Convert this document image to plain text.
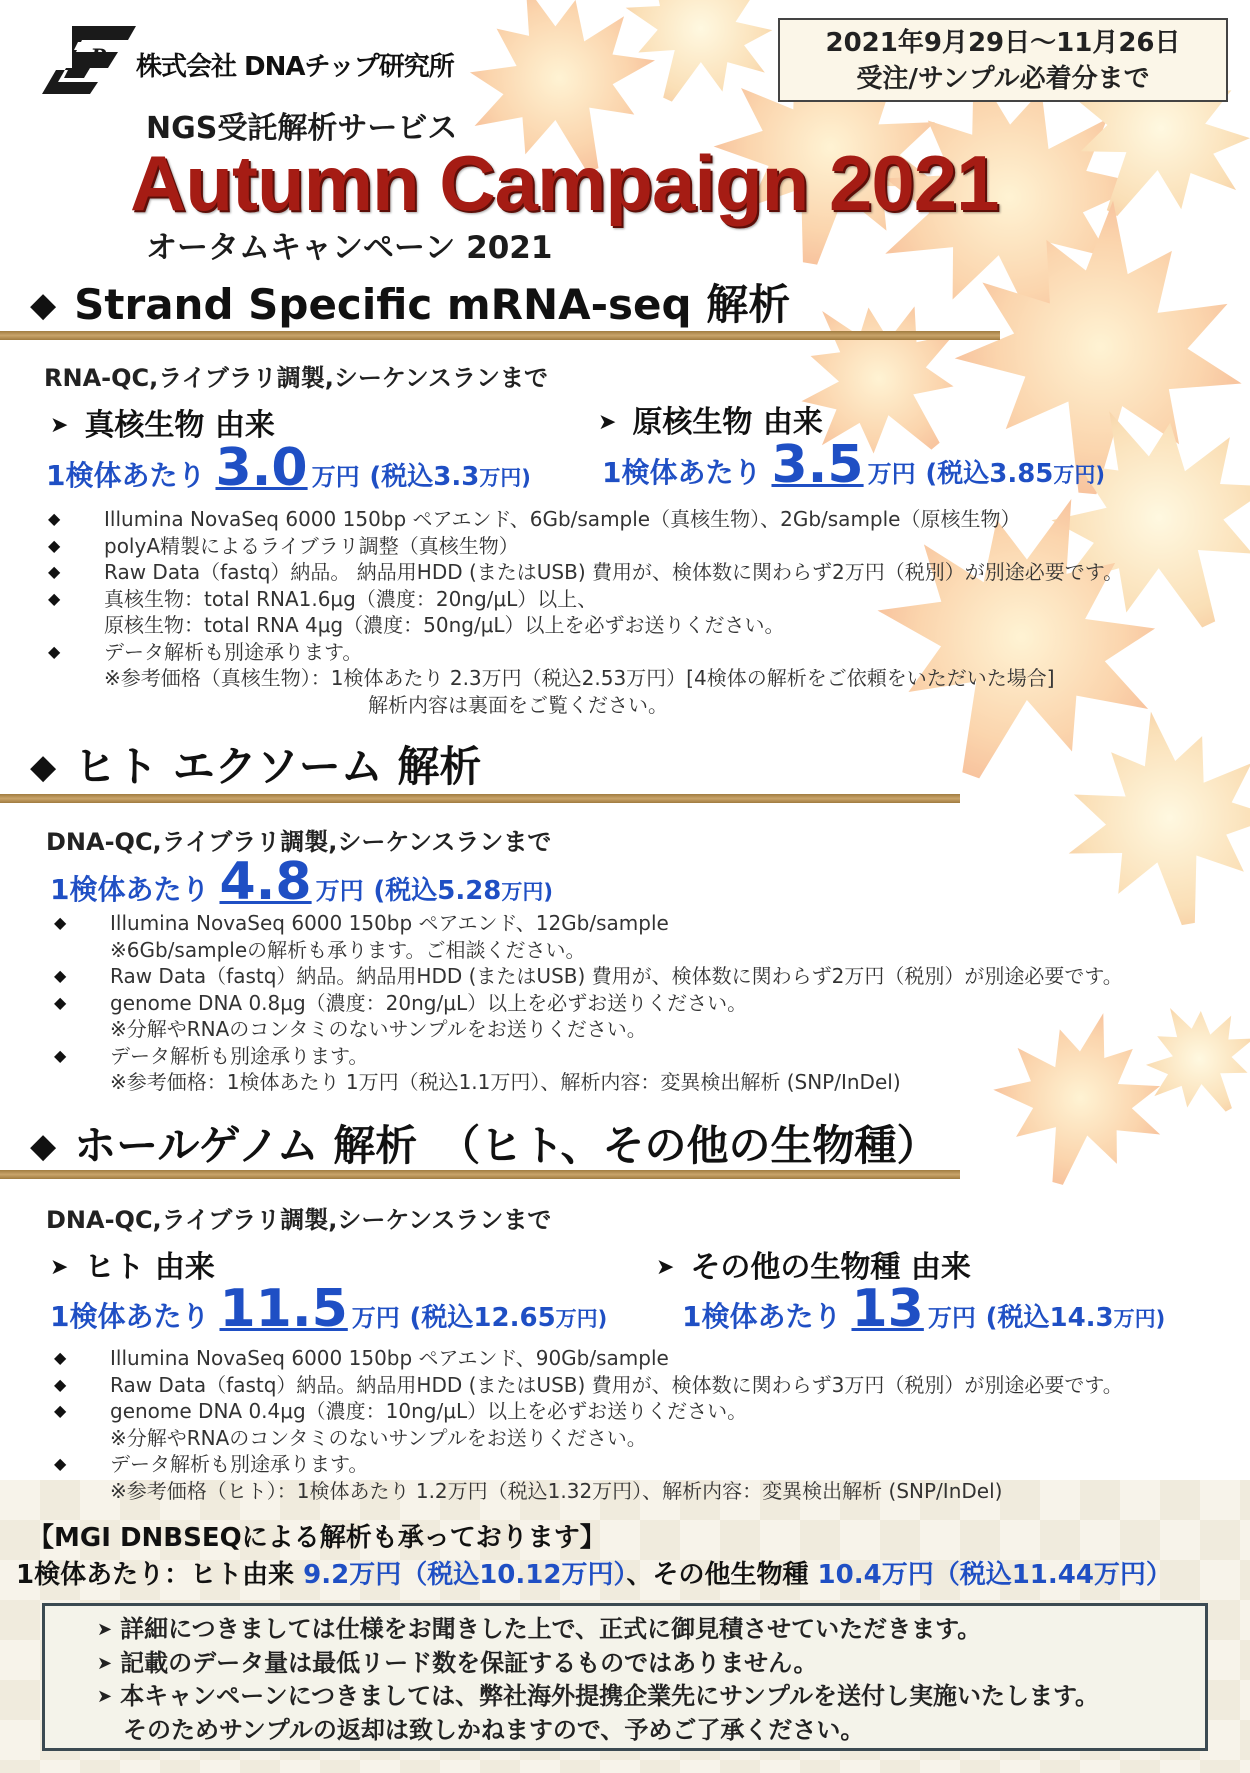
R 株式会社 DNAチップ研究所
2021年9月29日～11月26日
受注/サンプル必着分まで
NGS受託解析サービス
Autumn Campaign 2021
オータムキャンペーン 2021
◆ Strand Specific mRNA-seq 解析
RNA-QC,ライブラリ調製,シーケンスランまで
➤ 真核生物 由来	➤ 原核生物 由来
1検体あたり 3.0 万円 (税込3.3万円)	1検体あたり 3.5 万円 (税込3.85万円)
◆ Illumina NovaSeq 6000 150bp ペアエンド、6Gb/sample（真核生物）、2Gb/sample（原核生物）
◆ polyA精製によるライブラリ調整（真核生物）
◆ Raw Data（fastq）納品。 納品用HDD (またはUSB) 費用が、検体数に関わらず2万円（税別）が別途必要です。
◆ 真核生物：total RNA1.6μg（濃度：20ng/μL）以上、
原核生物：total RNA 4μg（濃度：50ng/μL）以上を必ずお送りください。
◆ データ解析も別途承ります。
※参考価格（真核生物）：1検体あたり 2.3万円（税込2.53万円）[4検体の解析をご依頼をいただいた場合]
解析内容は裏面をご覧ください。
◆ ヒト エクソーム 解析
DNA-QC,ライブラリ調製,シーケンスランまで
1検体あたり 4.8 万円 (税込5.28万円)
◆ Illumina NovaSeq 6000 150bp ペアエンド、12Gb/sample
※6Gb/sampleの解析も承ります。ご相談ください。
◆ Raw Data（fastq）納品。納品用HDD (またはUSB) 費用が、検体数に関わらず2万円（税別）が別途必要です。
◆ genome DNA 0.8μg（濃度：20ng/μL）以上を必ずお送りください。
※分解やRNAのコンタミのないサンプルをお送りください。
◆ データ解析も別途承ります。
※参考価格：1検体あたり 1万円（税込1.1万円）、解析内容：変異検出解析 (SNP/InDel)
◆ ホールゲノム 解析　（ヒト、その他の生物種）
DNA-QC,ライブラリ調製,シーケンスランまで
➤ ヒト 由来	➤ その他の生物種 由来
1検体あたり 11.5 万円 (税込12.65万円)	1検体あたり 13 万円 (税込14.3万円)
◆ Illumina NovaSeq 6000 150bp ペアエンド、90Gb/sample
◆ Raw Data（fastq）納品。納品用HDD (またはUSB) 費用が、検体数に関わらず3万円（税別）が別途必要です。
◆ genome DNA 0.4μg（濃度：10ng/μL）以上を必ずお送りください。
※分解やRNAのコンタミのないサンプルをお送りください。
◆ データ解析も別途承ります。
※参考価格（ヒト）：1検体あたり 1.2万円（税込1.32万円）、解析内容：変異検出解析 (SNP/InDel)
【MGI DNBSEQによる解析も承っております】
1検体あたり：ヒト由来 9.2万円（税込10.12万円）、その他生物種 10.4万円（税込11.44万円）
➤ 詳細につきましては仕様をお聞きした上で、正式に御見積させていただきます。
➤ 記載のデータ量は最低リード数を保証するものではありません。
➤ 本キャンペーンにつきましては、弊社海外提携企業先にサンプルを送付し実施いたします。
そのためサンプルの返却は致しかねますので、予めご了承ください。
